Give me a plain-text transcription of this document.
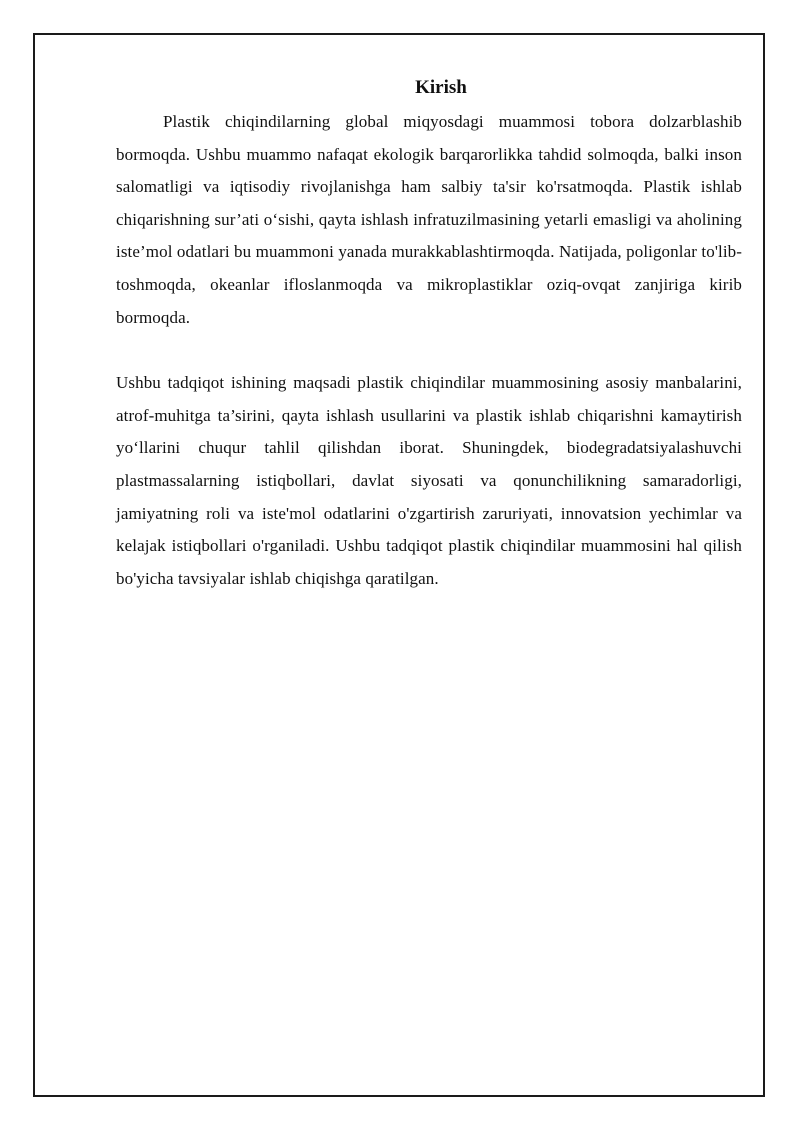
Kirish

Plastik chiqindilarning global miqyosdagi muammosi tobora dolzarblashib bormoqda. Ushbu muammo nafaqat ekologik barqarorlikka tahdid solmoqda, balki inson salomatligi va iqtisodiy rivojlanishga ham salbiy ta'sir ko'rsatmoqda. Plastik ishlab chiqarishning sur’ati o‘sishi, qayta ishlash infratuzilmasining yetarli emasligi va aholining iste’mol odatlari bu muammoni yanada murakkablashtirmoqda. Natijada, poligonlar to'lib-toshmoqda, okeanlar ifloslanmoqda va mikroplastiklar oziq-ovqat zanjiriga kirib bormoqda.

Ushbu tadqiqot ishining maqsadi plastik chiqindilar muammosining asosiy manbalarini, atrof-muhitga ta’sirini, qayta ishlash usullarini va plastik ishlab chiqarishni kamaytirish yo‘llarini chuqur tahlil qilishdan iborat. Shuningdek, biodegradatsiyalashuvchi plastmassalarning istiqbollari, davlat siyosati va qonunchilikning samaradorligi, jamiyatning roli va iste'mol odatlarini o'zgartirish zaruriyati, innovatsion yechimlar va kelajak istiqbollari o'rganiladi. Ushbu tadqiqot plastik chiqindilar muammosini hal qilish bo'yicha tavsiyalar ishlab chiqishga qaratilgan.
